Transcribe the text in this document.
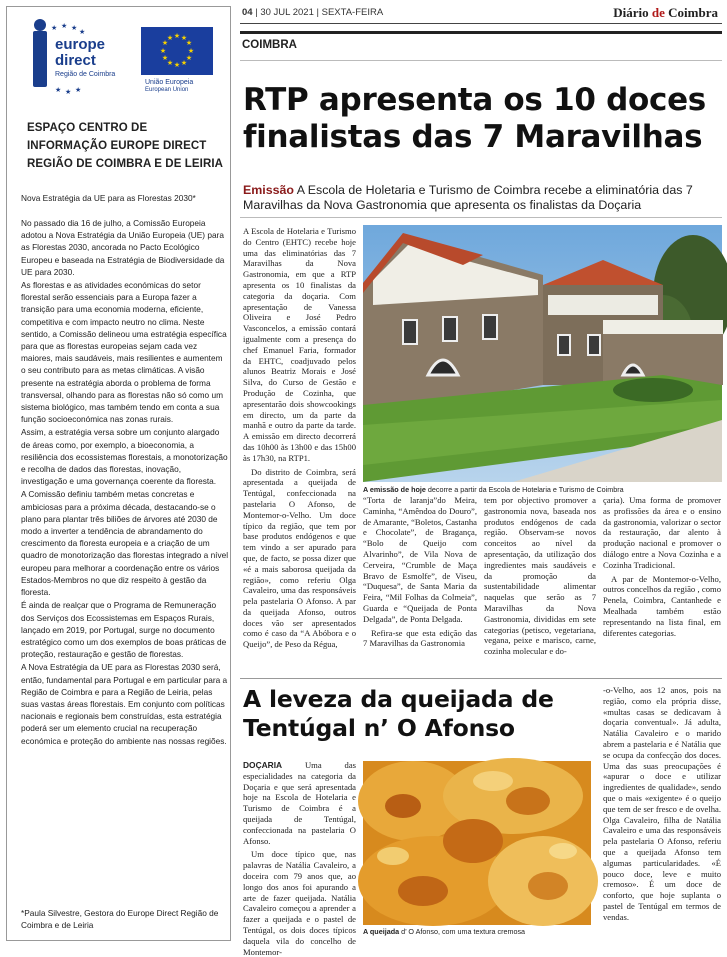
★ ★ ★ ★
★ ★ ★
europe
direct
Região de Coimbra
★ ★
★
★
★
★
★
★
★
★
★
★
União Europeia
European Union
ESPAÇO CENTRO DE INFORMAÇÃO EUROPE DIRECT REGIÃO DE COIMBRA E DE LEIRIA
Nova Estratégia da UE para as Florestas 2030*

No passado dia 16 de julho, a Comissão Europeia adotou a Nova Estratégia da União Europeia (UE) para as Florestas 2030, ancorada no Pacto Ecológico Europeu e baseada na Estratégia de Biodiversidade da UE para 2030.

As florestas e as atividades económicas do setor florestal serão essenciais para a Europa fazer a transição para uma economia moderna, eficiente, competitiva e com impacto neutro no clima. Neste sentido, a Comissão delineou uma estratégia específica para que as florestas europeias sejam cada vez maiores, mais saudáveis, mais resilientes e aumentem o seu contributo para as metas climáticas. A visão presente na estratégia aborda o problema de forma transversal, olhando para as florestas não só como um sistema biológico, mas também tendo em conta a sua função socioeconómica nas zonas rurais.

Assim, a estratégia versa sobre um conjunto alargado de áreas como, por exemplo, a bioeconomia, a resiliência dos ecossistemas florestais, a monotorização e recolha de dados das florestas, inovação, investigação e uma governança coerente da floresta.

A Comissão definiu também metas concretas e ambiciosas para a próxima década, destacando-se o plano para plantar três biliões de árvores até 2030 de modo a inverter a tendência de abrandamento do crescimento da floresta europeia e a criação de um quadro de monotorização das florestas integrado a nível europeu para melhorar a coordenação entre os vários Estados-Membros no que diz respeito à gestão da floresta.

É ainda de realçar que o Programa de Remuneração dos Serviços dos Ecossistemas em Espaços Rurais, lançado em 2019, por Portugal, surge no documento estratégico como um dos exemplos de boas práticas de proteção, restauração e gestão de florestas.

A Nova Estratégia da UE para as Florestas 2030 será, então, fundamental para Portugal e em particular para a Região de Coimbra e para a Região de Leiria, pelas suas vastas áreas florestais. Em conjunto com políticas nacionais e regionais bem construídas, esta estratégia poderá ser um elemento crucial na recuperação económica e proteção do ambiente nas nossas regiões.

*Paula Silvestre, Gestora do Europe Direct Região de Coimbra e de Leiria
04 | 30 JUL 2021 | SEXTA-FEIRA	Diário de Coimbra
COIMBRA
RTP apresenta os 10 doces finalistas das 7 Maravilhas
Emissão A Escola de Holetaria e Turismo de Coimbra recebe a eliminatória das 7 Maravilhas da Nova Gastronomia que apresenta os finalistas da Doçaria

A Escola de Hotelaria e Turismo do Centro (EHTC) recebe hoje uma das eliminatórias das 7 Maravilhas da Nova Gastronomia, em que a RTP apresenta os 10 finalistas da categoria da doçaria. Com apresentação de Vanessa Oliveira e José Pedro Vasconcelos, a emissão contará igualmente com a presença do chef Emanuel Faria, formador da EHTC, coadjuvado pelos alunos Beatriz Morais e José Silva, do Curso de Gestão e Produção de Cozinha, que apresentarão dois showcookings em directo, um da parte da manhã e outro da parte da tarde. A emissão em directo decorrerá das 10h00 às 13h00 e das 15h00 às 17h30, na RTP1.

Do distrito de Coimbra, será apresentada a queijada de Tentúgal, confeccionada na pastelaria O Afonso, de Montemor-o-Velho. Um doce típico da região, que tem por base produtos endógenos e que tem vindo a ser apurado para que, de facto, se possa dizer que «é a mais saborosa queijada da região», como referiu Olga Cavaleiro, uma das responsáveis pela pastelaria O Afonso. A par da queijada Afonso, outros doces vão ser apresentados como é caso da “A Abóbora e o Queijo”, de Peso da Régua,

A emissão de hoje decorre a partir da Escola de Hotelaria e Turismo de Coimbra

“Torta de laranja”do Meira, Caminha, “Amêndoa do Douro”, de Amarante, “Boletos, Castanha e Chocolate”, de Bragança, “Bolo de Queijo com Alvarinho”, de Vila Nova de Cerveira, “Crumble de Maça Bravo de Esmolfe”, de Viseu, “Duquesa”, de Santa Maria da Feira, “Mil Folhas da Colmeia”, Guarda e “Queijada de Ponta Delgada”, de Ponta Delgada.

Refira-se que esta edição das 7 Maravilhas da Gastronomia

tem por objectivo promover a gastronomia nova, baseada nos produtos endógenos de cada região. Observam-se novos conceitos ao nível da apresentação, da utilização dos ingredientes mais saudáveis e da promoção da sustentabilidade alimentar naquelas que serão as 7 Maravilhas da Nova Gastronomia, divididas em sete categorias (petisco, vegetariana, vegana, peixe e marisco, carne, cozinha molecular e do-

çaria). Uma forma de promover as profissões da área e o ensino da gastronomia, valorizar o sector da restauração, dar alento à produção nacional e promover o diálogo entre a Nova Cozinha e a Cozinha Tradicional.

A par de Montemor-o-Velho, outros concelhos da região , como Penela, Coimbra, Cantanhede e Mealhada também estão representando na lista final, em diferentes categorias.

A leveza da queijada de Tentúgal n’ O Afonso

DOÇARIA	Uma das especialidades na categoria da Doçaria e que será apresentada hoje na Escola de Hotelaria e Turismo de Coimbra é a queijada de Tentúgal, confeccionada na pastelaria O Afonso.

Um doce típico que, nas palavras de Natália Cavaleiro, a doceira com 79 anos que, ao longo dos anos foi apurando a arte de fazer queijada. Natália Cavaleiro começou a aprender a fazer a queijada e o pastel de Tentúgal, os dois doces típicos daquela vila do concelho de Montemor-

A queijada d’ O Afonso, com uma textura cremosa

-o-Velho, aos 12 anos, pois na região, como ela própria disse, «multas casas se dedicavam à doçaria conventual». Já adulta, Natália Cavaleiro e o marido abrem a pastelaria e é Natália que se ocupa da confecção dos doces. Uma das suas preocupações é «apurar o doce e utilizar ingredientes de qualidade», sendo que o mais «exigente» é o queijo que tem de ser fresco e de ovelha. Olga Cavaleiro, filha de Natália Cavaleiro e uma das responsáveis pela pastelaria O Afonso, referiu que a queijada Afonso tem algumas particularidades. «É pouco doce, leve e muito cremoso». É um doce de conforto, que hoje suplanta o pastel de Tentúgal em termos de vendas.
